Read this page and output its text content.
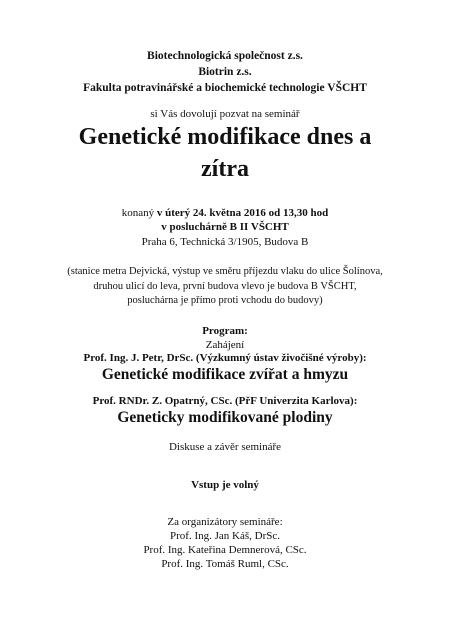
Biotechnologická společnost z.s.
Biotrin z.s.
Fakulta potravinářské a biochemické technologie VŠCHT
si Vás dovolují pozvat na seminář
Genetické modifikace dnes a
zítra
konaný v úterý 24. května 2016 od 13,30 hod
v posluchárně B II VŠCHT
Praha 6, Technická 3/1905, Budova B
(stanice metra Dejvická, výstup ve směru příjezdu vlaku do ulice Šolínova,
druhou ulicí do leva, první budova vlevo je budova B VŠCHT,
posluchárna je přímo proti vchodu do budovy)
Program:
Zahájení
Prof. Ing. J. Petr, DrSc. (Výzkumný ústav živočišné výroby):
Genetické modifikace zvířat a hmyzu
Prof. RNDr. Z. Opatrný, CSc. (PřF Univerzita Karlova):
Geneticky modifikované plodiny
Diskuse a závěr semináře
Vstup je volný
Za organizátory semináře:
Prof. Ing. Jan Káš, DrSc.
Prof. Ing. Kateřina Demnerová, CSc.
Prof. Ing. Tomáš Ruml, CSc.
